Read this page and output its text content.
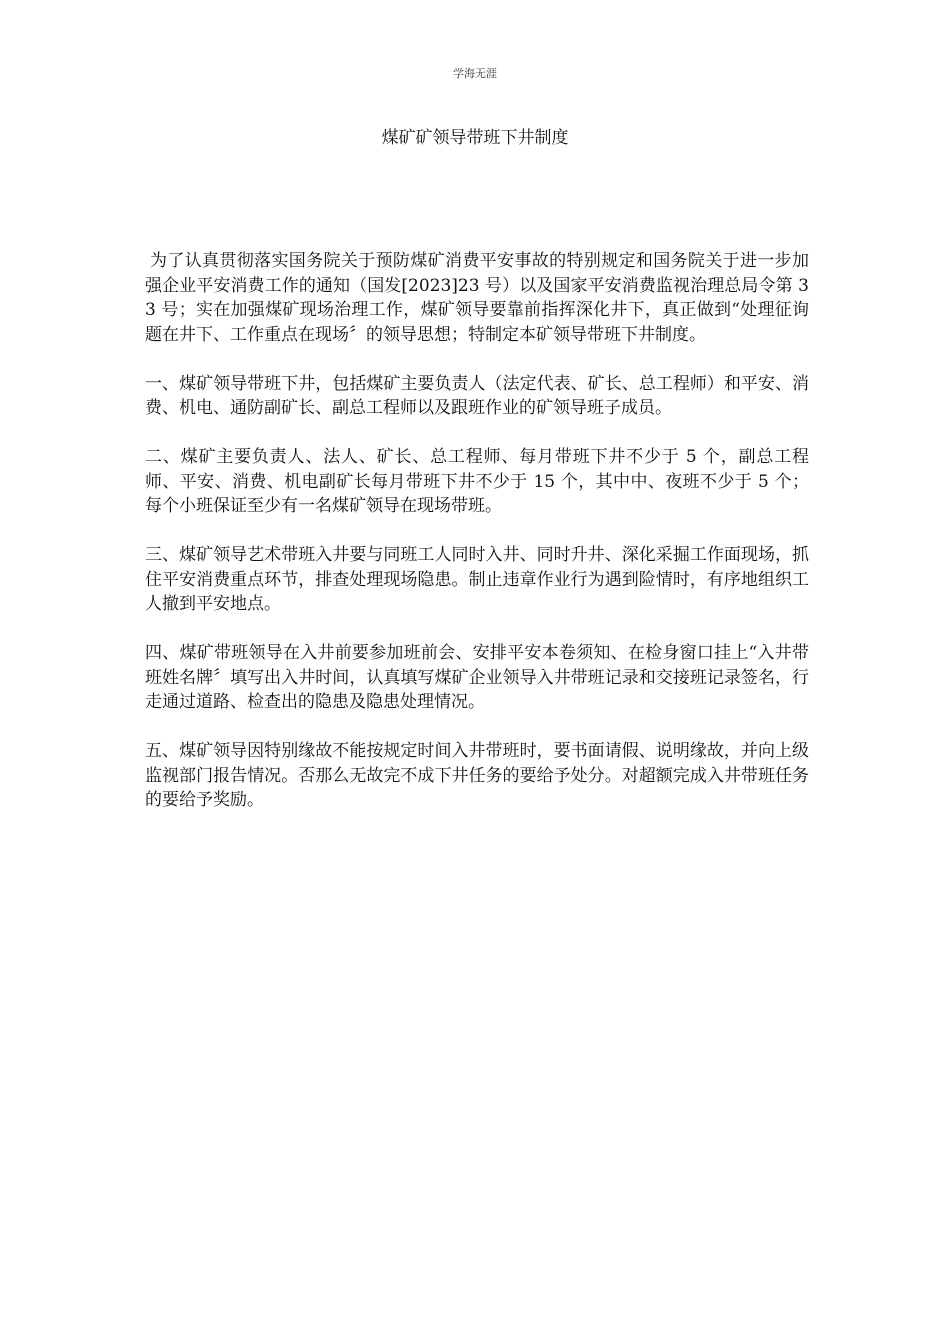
学海无涯
煤矿矿领导带班下井制度

为了认真贯彻落实国务院关于预防煤矿消费平安事故的特别规定和国务院关于进一步加强企业平安消费工作的通知（国发[2023]23 号）以及国家平安消费监视治理总局令第 33 号；实在加强煤矿现场治理工作，煤矿领导要靠前指挥深化井下，真正做到“处理征询题在井下、工作重点在现场〞的领导思想；特制定本矿领导带班下井制度。

一、煤矿领导带班下井，包括煤矿主要负责人（法定代表、矿长、总工程师）和平安、消费、机电、通防副矿长、副总工程师以及跟班作业的矿领导班子成员。

二、煤矿主要负责人、法人、矿长、总工程师、每月带班下井不少于 5 个，副总工程师、平安、消费、机电副矿长每月带班下井不少于 15 个，其中中、夜班不少于 5 个；每个小班保证至少有一名煤矿领导在现场带班。

三、煤矿领导艺术带班入井要与同班工人同时入井、同时升井、深化采掘工作面现场，抓住平安消费重点环节，排查处理现场隐患。制止违章作业行为遇到险情时，有序地组织工人撤到平安地点。

四、煤矿带班领导在入井前要参加班前会、安排平安本卷须知、在检身窗口挂上“入井带班姓名牌〞填写出入井时间，认真填写煤矿企业领导入井带班记录和交接班记录签名，行走通过道路、检查出的隐患及隐患处理情况。

五、煤矿领导因特别缘故不能按规定时间入井带班时，要书面请假、说明缘故，并向上级监视部门报告情况。否那么无故完不成下井任务的要给予处分。对超额完成入井带班任务的要给予奖励。
